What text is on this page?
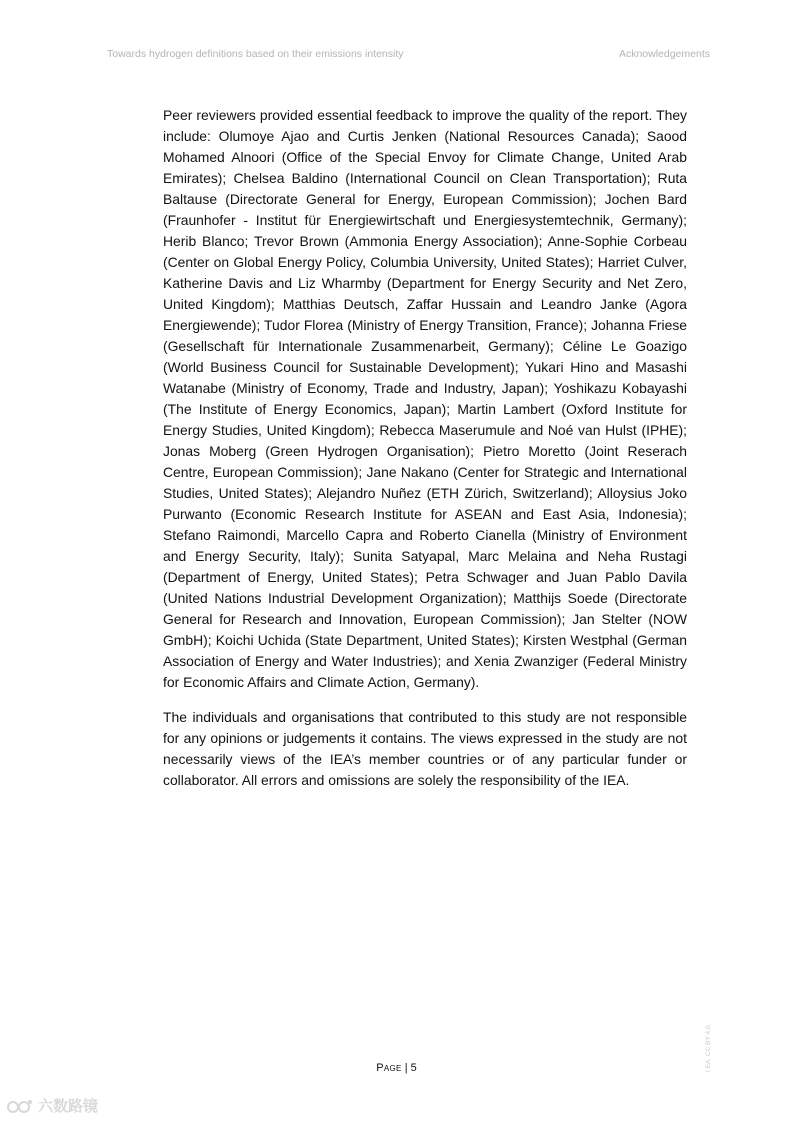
Towards hydrogen definitions based on their emissions intensity	Acknowledgements

Peer reviewers provided essential feedback to improve the quality of the report. They include: Olumoye Ajao and Curtis Jenken (National Resources Canada); Saood Mohamed Alnoori (Office of the Special Envoy for Climate Change, United Arab Emirates); Chelsea Baldino (International Council on Clean Transportation); Ruta Baltause (Directorate General for Energy, European Commission); Jochen Bard (Fraunhofer - Institut für Energiewirtschaft und Energiesystemtechnik, Germany); Herib Blanco; Trevor Brown (Ammonia Energy Association); Anne-Sophie Corbeau (Center on Global Energy Policy, Columbia University, United States); Harriet Culver, Katherine Davis and Liz Wharmby (Department for Energy Security and Net Zero, United Kingdom); Matthias Deutsch, Zaffar Hussain and Leandro Janke (Agora Energiewende); Tudor Florea (Ministry of Energy Transition, France); Johanna Friese (Gesellschaft für Internationale Zusammenarbeit, Germany); Céline Le Goazigo (World Business Council for Sustainable Development); Yukari Hino and Masashi Watanabe (Ministry of Economy, Trade and Industry, Japan); Yoshikazu Kobayashi (The Institute of Energy Economics, Japan); Martin Lambert (Oxford Institute for Energy Studies, United Kingdom); Rebecca Maserumule and Noé van Hulst (IPHE); Jonas Moberg (Green Hydrogen Organisation); Pietro Moretto (Joint Reserach Centre, European Commission); Jane Nakano (Center for Strategic and International Studies, United States); Alejandro Nuñez (ETH Zürich, Switzerland); Alloysius Joko Purwanto (Economic Research Institute for ASEAN and East Asia, Indonesia); Stefano Raimondi, Marcello Capra and Roberto Cianella (Ministry of Environment and Energy Security, Italy); Sunita Satyapal, Marc Melaina and Neha Rustagi (Department of Energy, United States); Petra Schwager and Juan Pablo Davila (United Nations Industrial Development Organization); Matthijs Soede (Directorate General for Research and Innovation, European Commission); Jan Stelter (NOW GmbH); Koichi Uchida (State Department, United States); Kirsten Westphal (German Association of Energy and Water Industries); and Xenia Zwanziger (Federal Ministry for Economic Affairs and Climate Action, Germany).

The individuals and organisations that contributed to this study are not responsible for any opinions or judgements it contains. The views expressed in the study are not necessarily views of the IEA’s member countries or of any particular funder or collaborator. All errors and omissions are solely the responsibility of the IEA.

I EA. CC BY 4.0.
Page | 5
六数路镜
